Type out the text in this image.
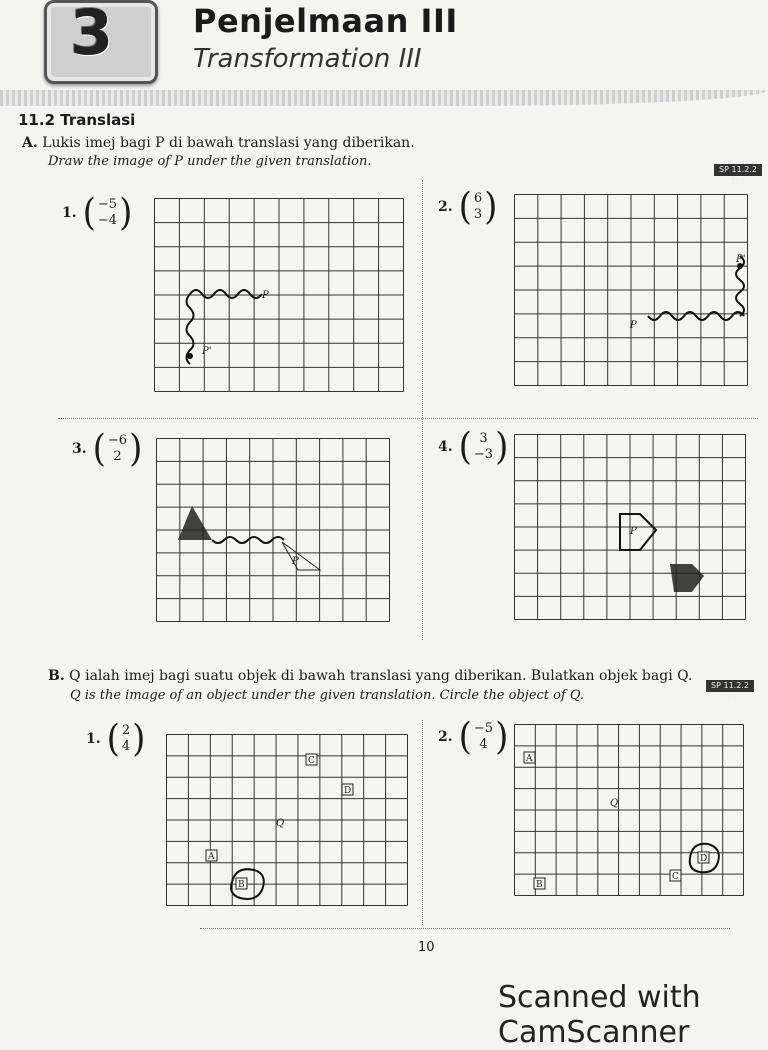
3 Penjelmaan III
Transformation III
11.2 Translasi
A. Lukis imej bagi P di bawah translasi yang diberikan.
Draw the image of P under the given translation.
SP 11.2.2 TP3
1. ( −5
−4 )
P
P'
2. ( 6
3 )
P
P'
3. ( −6
2 )
P
4. ( 3
−3 )
P
B. Q ialah imej bagi suatu objek di bawah translasi yang diberikan. Bulatkan objek bagi Q.
Q is the image of an object under the given translation. Circle the object of Q.
SP 11.2.2 TP3
1. ( 2
4 )	C
D
Q
A
B
2. ( −5
4 ) A
Q
D
C
B
10
Scanned with CamScanner
